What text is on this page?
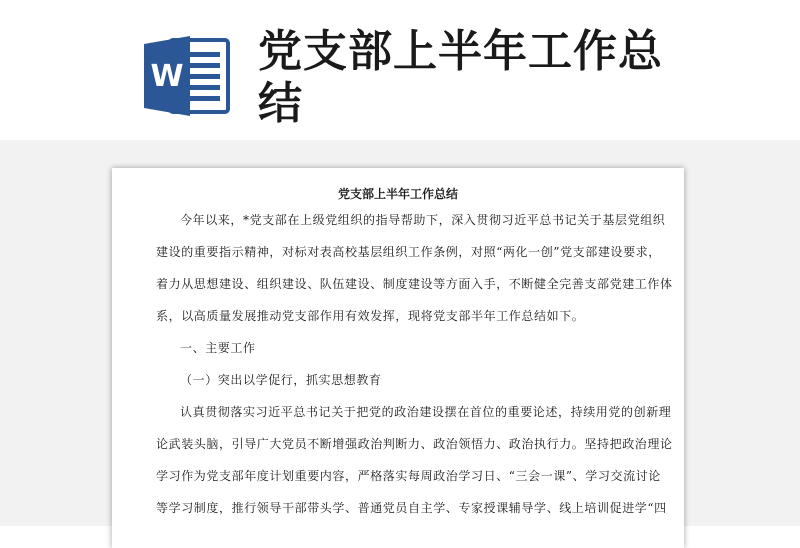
W 党支部上半年工作总
结
党支部上半年工作总结
今年以来，*党支部在上级党组织的指导帮助下，深入贯彻习近平总书记关于基层党组织
建设的重要指示精神，对标对表高校基层组织工作条例，对照“两化一创”党支部建设要求，
着力从思想建设、组织建设、队伍建设、制度建设等方面入手，不断健全完善支部党建工作体
系，以高质量发展推动党支部作用有效发挥，现将党支部半年工作总结如下。
一、主要工作
（一）突出以学促行，抓实思想教育
认真贯彻落实习近平总书记关于把党的政治建设摆在首位的重要论述，持续用党的创新理
论武装头脑，引导广大党员不断增强政治判断力、政治领悟力、政治执行力。坚持把政治理论
学习作为党支部年度计划重要内容，严格落实每周政治学习日、“三会一课”、学习交流讨论
等学习制度，推行领导干部带头学、普通党员自主学、专家授课辅导学、线上培训促进学“四
